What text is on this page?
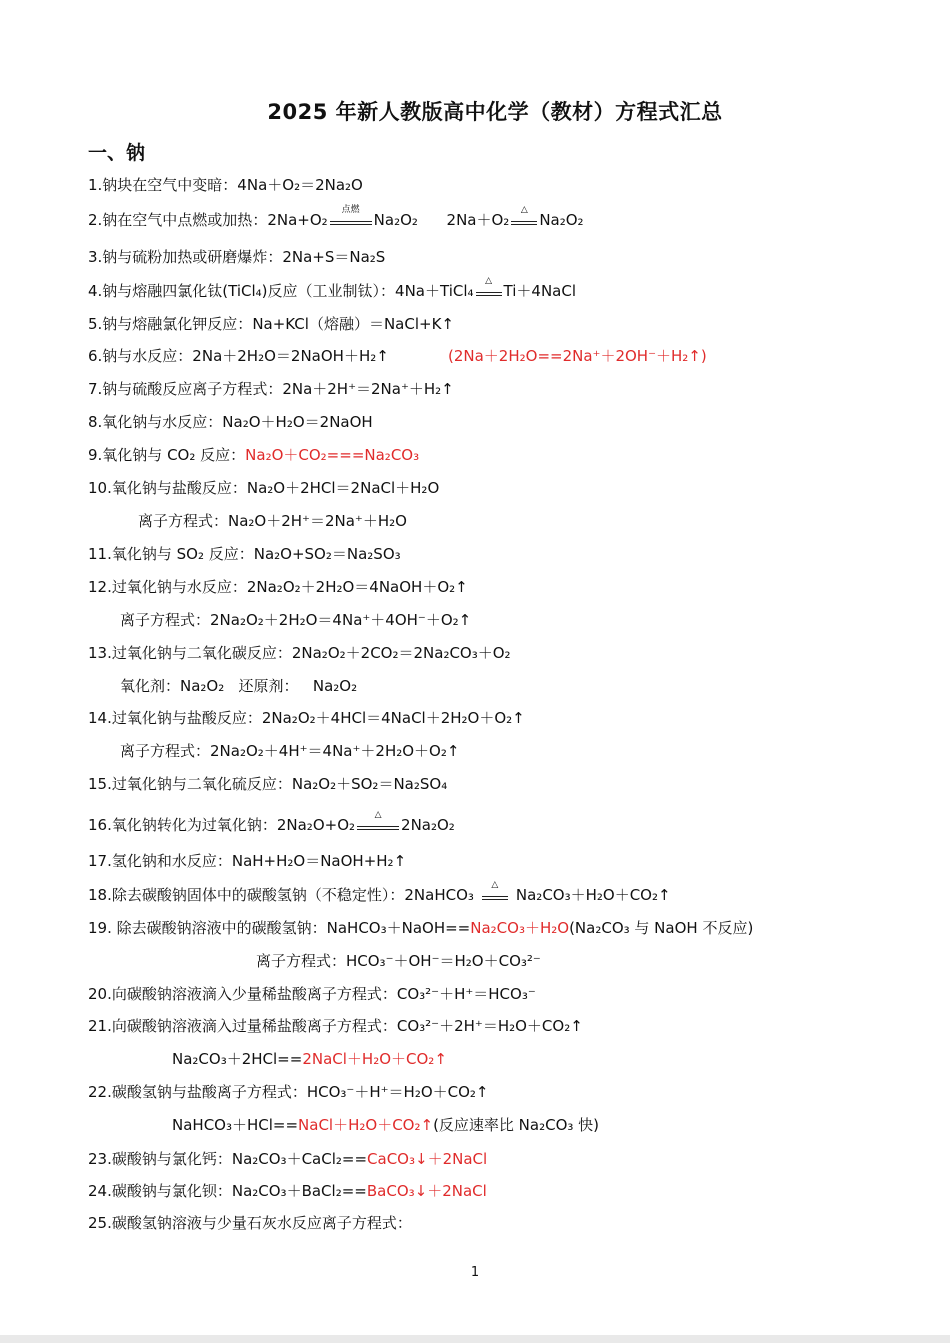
2025 年新人教版高中化学（教材）方程式汇总
一、钠
1.钠块在空气中变暗：4Na＋O₂＝2Na₂O
2.钠在空气中点燃或加热：2Na+O₂
点燃
Na₂O₂      2Na＋O₂
△
Na₂O₂
3.钠与硫粉加热或研磨爆炸：2Na+S＝Na₂S
4.钠与熔融四氯化钛(TiCl₄)反应（工业制钛）：4Na＋TiCl₄
△
Ti＋4NaCl
5.钠与熔融氯化钾反应：Na+KCl（熔融）＝NaCl+K↑
6.钠与水反应：2Na＋2H₂O＝2NaOH＋H₂↑	(2Na＋2H₂O==2Na⁺＋2OH⁻＋H₂↑)
7.钠与硫酸反应离子方程式：2Na＋2H⁺＝2Na⁺＋H₂↑
8.氧化钠与水反应：Na₂O＋H₂O＝2NaOH
9.氧化钠与 CO₂ 反应：Na₂O＋CO₂===Na₂CO₃
10.氧化钠与盐酸反应：Na₂O＋2HCl＝2NaCl＋H₂O
离子方程式：Na₂O＋2H⁺＝2Na⁺＋H₂O
11.氧化钠与 SO₂ 反应：Na₂O+SO₂＝Na₂SO₃
12.过氧化钠与水反应：2Na₂O₂＋2H₂O＝4NaOH＋O₂↑
离子方程式：2Na₂O₂＋2H₂O＝4Na⁺＋4OH⁻＋O₂↑
13.过氧化钠与二氧化碳反应：2Na₂O₂＋2CO₂＝2Na₂CO₃＋O₂
氧化剂：Na₂O₂   还原剂：   Na₂O₂
14.过氧化钠与盐酸反应：2Na₂O₂＋4HCl＝4NaCl＋2H₂O＋O₂↑
离子方程式：2Na₂O₂＋4H⁺＝4Na⁺＋2H₂O＋O₂↑
15.过氧化钠与二氧化硫反应：Na₂O₂＋SO₂＝Na₂SO₄
16.氧化钠转化为过氧化钠：2Na₂O+O₂
△
2Na₂O₂
17.氢化钠和水反应：NaH+H₂O＝NaOH+H₂↑
18.除去碳酸钠固体中的碳酸氢钠（不稳定性）：2NaHCO₃
△
Na₂CO₃＋H₂O＋CO₂↑
19. 除去碳酸钠溶液中的碳酸氢钠：NaHCO₃＋NaOH==Na₂CO₃＋H₂O(Na₂CO₃ 与 NaOH 不反应)
离子方程式：HCO₃⁻＋OH⁻＝H₂O＋CO₃²⁻
20.向碳酸钠溶液滴入少量稀盐酸离子方程式：CO₃²⁻＋H⁺＝HCO₃⁻
21.向碳酸钠溶液滴入过量稀盐酸离子方程式：CO₃²⁻＋2H⁺＝H₂O＋CO₂↑
Na₂CO₃＋2HCl==2NaCl＋H₂O＋CO₂↑
22.碳酸氢钠与盐酸离子方程式：HCO₃⁻＋H⁺＝H₂O＋CO₂↑
NaHCO₃＋HCl==NaCl＋H₂O＋CO₂↑(反应速率比 Na₂CO₃ 快)
23.碳酸钠与氯化钙：Na₂CO₃＋CaCl₂==CaCO₃↓＋2NaCl
24.碳酸钠与氯化钡：Na₂CO₃＋BaCl₂==BaCO₃↓＋2NaCl
25.碳酸氢钠溶液与少量石灰水反应离子方程式：
1
